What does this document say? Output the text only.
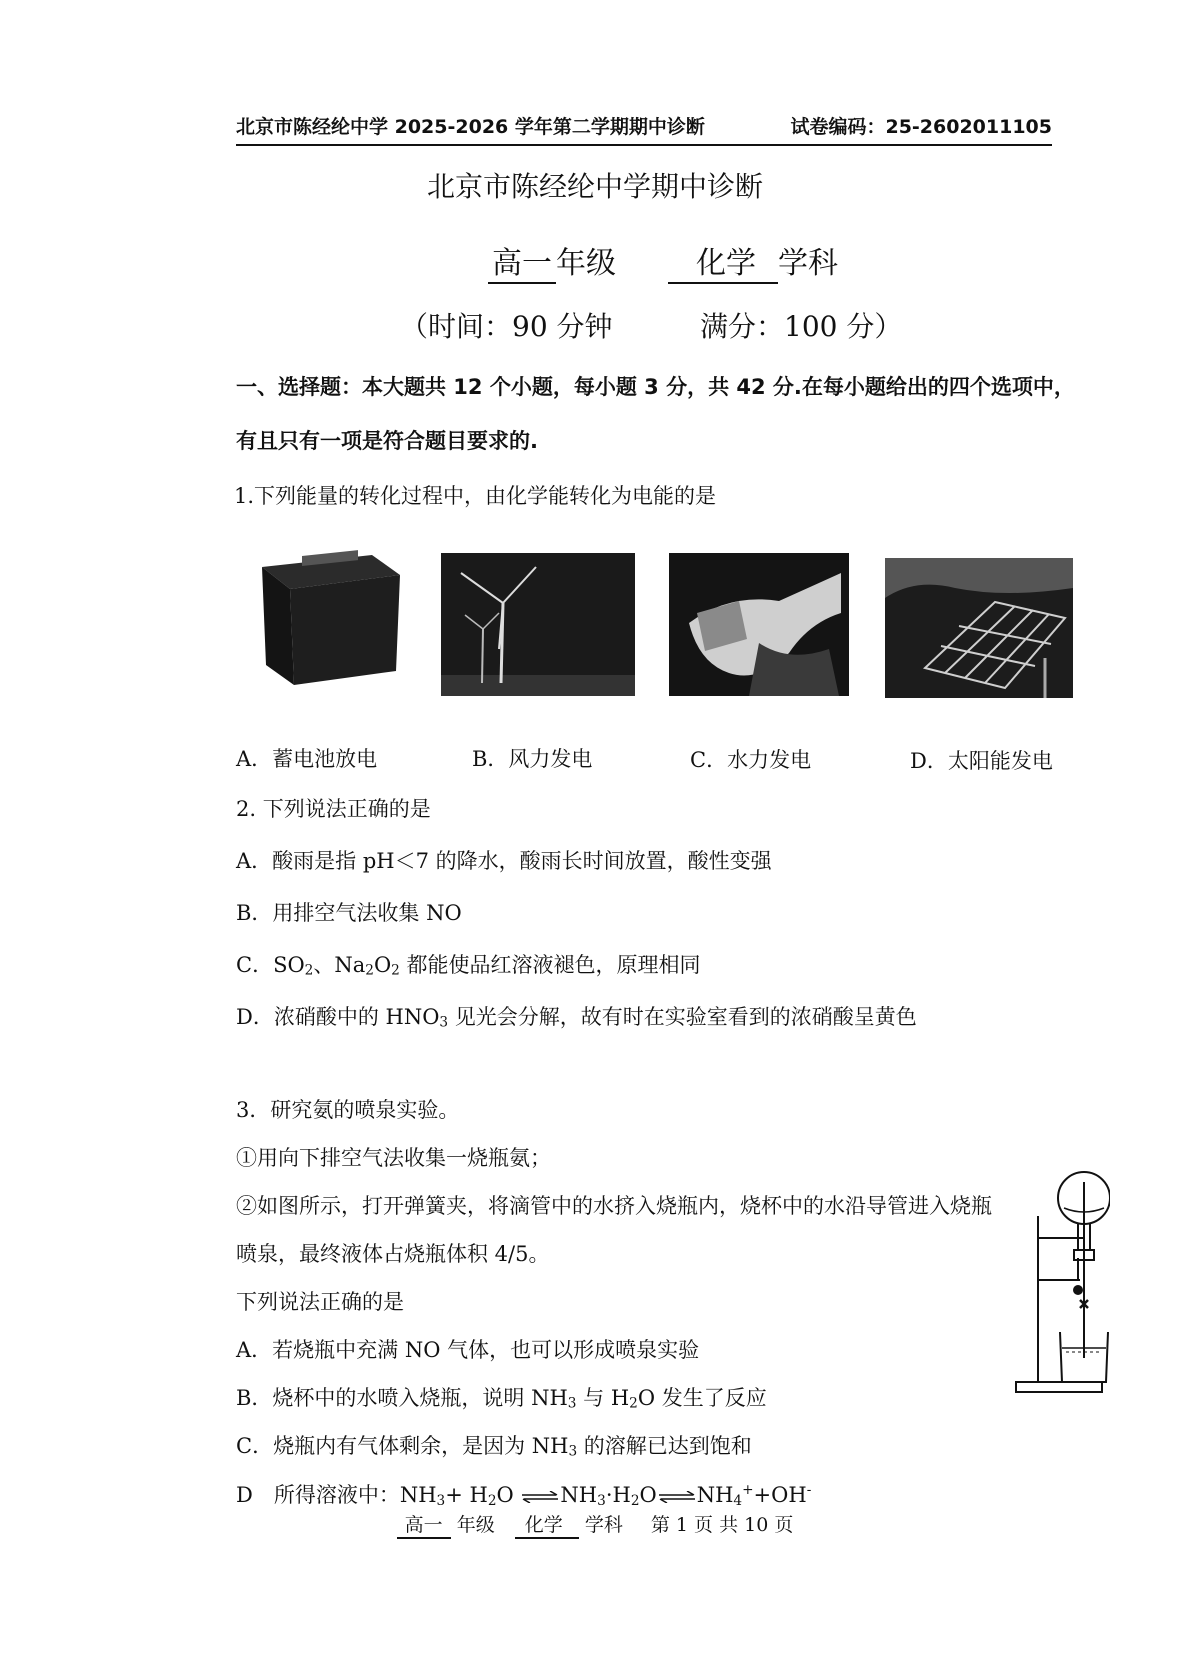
北京市陈经纶中学 2025-2026 学年第二学期期中诊断	试卷编码：25-2602011105
北京市陈经纶中学期中诊断
高一 年级	化学 学科
（时间：90 分钟	满分：100 分）
一、选择题：本大题共 12 个小题，每小题 3 分，共 42 分.在每小题给出的四个选项中，
有且只有一项是符合题目要求的.
1.下列能量的转化过程中，由化学能转化为电能的是
A．蓄电池放电	B．风力发电	C．水力发电	D．太阳能发电
2. 下列说法正确的是
A．酸雨是指 pH＜7 的降水，酸雨长时间放置，酸性变强
B．用排空气法收集 NO
C．$SO_2$、$Na_2O_2$ 都能使品红溶液褪色，原理相同
D．浓硝酸中的 $HNO_3$ 见光会分解，故有时在实验室看到的浓硝酸呈黄色
3．研究氨的喷泉实验。
①用向下排空气法收集一烧瓶氨；
②如图所示，打开弹簧夹，将滴管中的水挤入烧瓶内，烧杯中的水沿导管进入烧瓶
喷泉，最终液体占烧瓶体积 4/5。
下列说法正确的是
A．若烧瓶中充满 NO 气体，也可以形成喷泉实验
B．烧杯中的水喷入烧瓶，说明 $NH_3$ 与 $H_2O$ 发生了反应
C．烧瓶内有气体剩余，是因为 $NH_3$ 的溶解已达到饱和
D　所得溶液中：$NH_3+ H_2O$ $\rightleftharpoons NH_3\cdot H_2O\rightleftharpoons NH_4^++OH^-$
高一 年级 化学 学科 第 1 页 共 10 页
